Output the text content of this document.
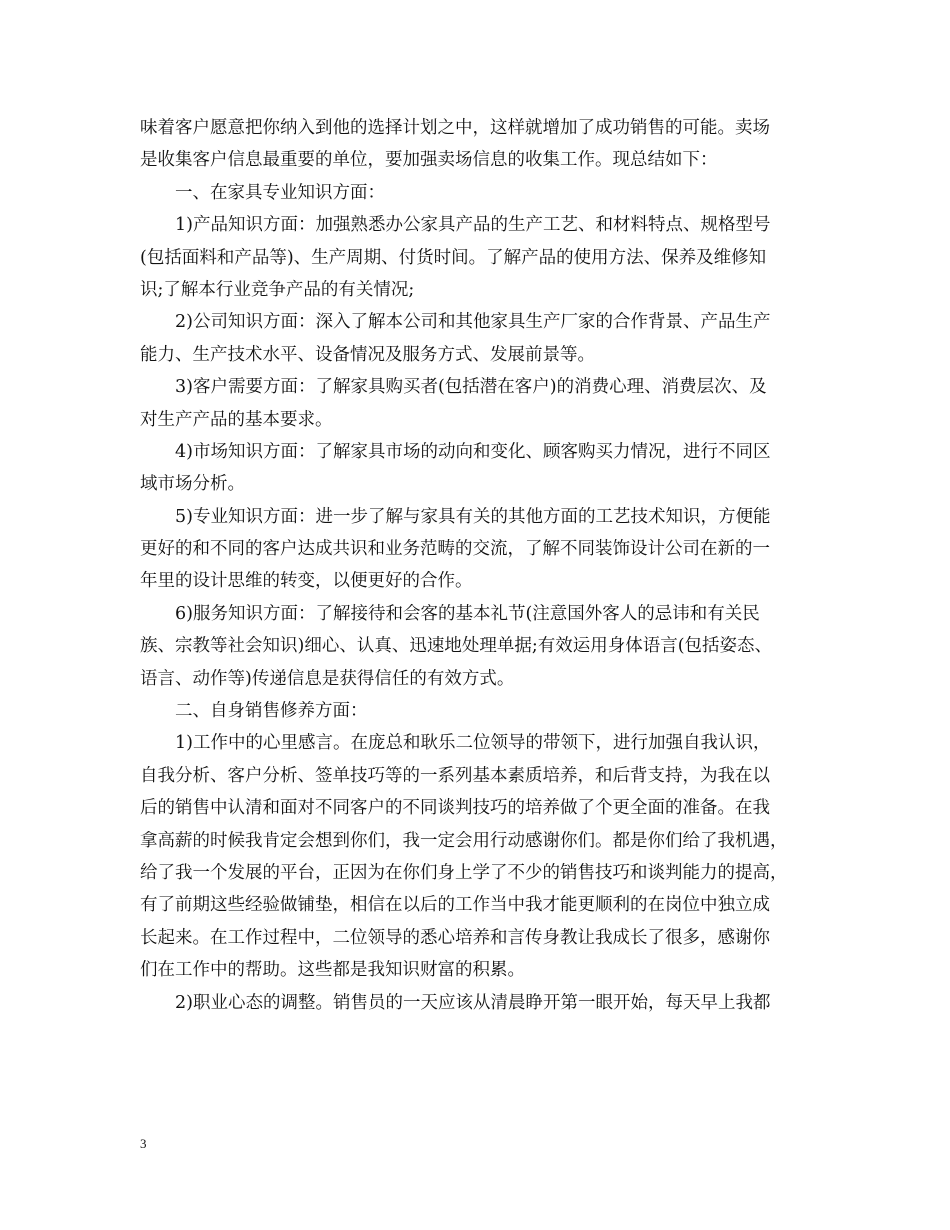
味着客户愿意把你纳入到他的选择计划之中，这样就增加了成功销售的可能。卖场
是收集客户信息最重要的单位，要加强卖场信息的收集工作。现总结如下：
一、在家具专业知识方面：
1)产品知识方面：加强熟悉办公家具产品的生产工艺、和材料特点、规格型号
(包括面料和产品等)、生产周期、付货时间。了解产品的使用方法、保养及维修知
识;了解本行业竞争产品的有关情况;
2)公司知识方面：深入了解本公司和其他家具生产厂家的合作背景、产品生产
能力、生产技术水平、设备情况及服务方式、发展前景等。
3)客户需要方面：了解家具购买者(包括潜在客户)的消费心理、消费层次、及
对生产产品的基本要求。
4)市场知识方面：了解家具市场的动向和变化、顾客购买力情况，进行不同区
域市场分析。
5)专业知识方面：进一步了解与家具有关的其他方面的工艺技术知识，方便能
更好的和不同的客户达成共识和业务范畴的交流，了解不同装饰设计公司在新的一
年里的设计思维的转变，以便更好的合作。
6)服务知识方面：了解接待和会客的基本礼节(注意国外客人的忌讳和有关民
族、宗教等社会知识)细心、认真、迅速地处理单据;有效运用身体语言(包括姿态、
语言、动作等)传递信息是获得信任的有效方式。
二、自身销售修养方面：
1)工作中的心里感言。在庞总和耿乐二位领导的带领下，进行加强自我认识，
自我分析、客户分析、签单技巧等的一系列基本素质培养，和后背支持，为我在以
后的销售中认清和面对不同客户的不同谈判技巧的培养做了个更全面的准备。在我
拿高薪的时候我肯定会想到你们，我一定会用行动感谢你们。都是你们给了我机遇，
给了我一个发展的平台，正因为在你们身上学了不少的销售技巧和谈判能力的提高，
有了前期这些经验做铺垫，相信在以后的工作当中我才能更顺利的在岗位中独立成
长起来。在工作过程中，二位领导的悉心培养和言传身教让我成长了很多，感谢你
们在工作中的帮助。这些都是我知识财富的积累。
2)职业心态的调整。销售员的一天应该从清晨睁开第一眼开始，每天早上我都
3
